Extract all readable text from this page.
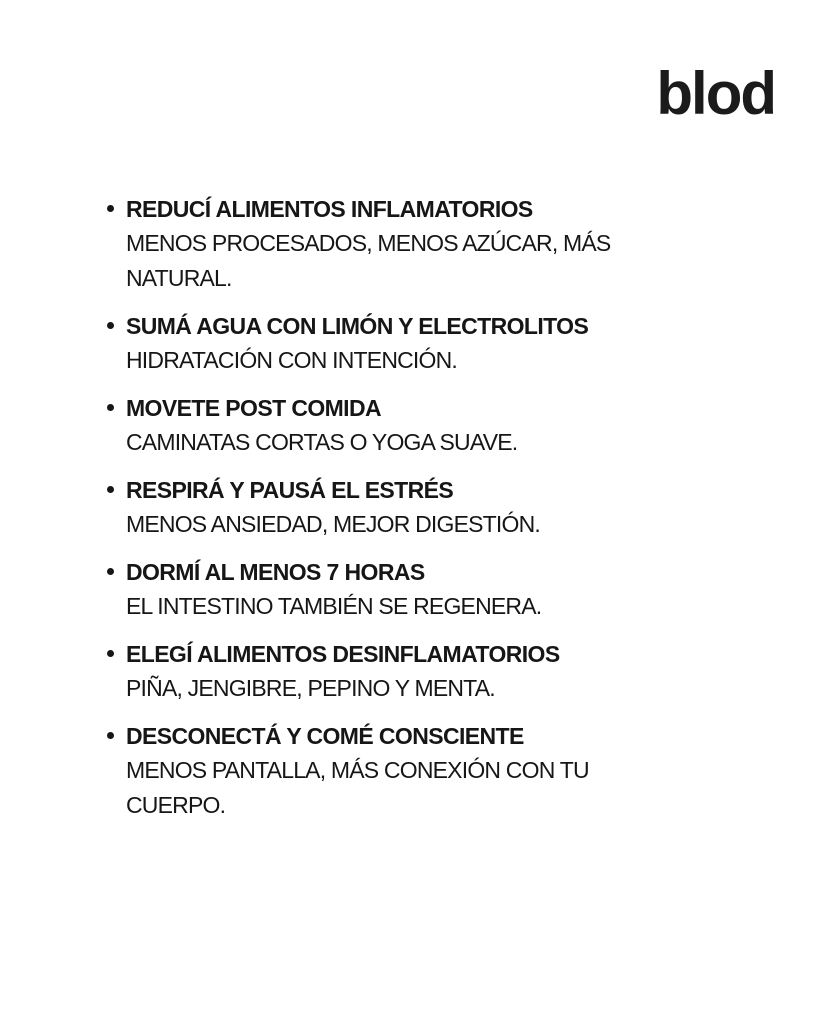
blod
REDUCÍ ALIMENTOS INFLAMATORIOS
MENOS PROCESADOS, MENOS AZÚCAR, MÁS NATURAL.
SUMÁ AGUA CON LIMÓN Y ELECTROLITOS
HIDRATACIÓN CON INTENCIÓN.
MOVETE POST COMIDA
CAMINATAS CORTAS O YOGA SUAVE.
RESPIRÁ Y PAUSÁ EL ESTRÉS
MENOS ANSIEDAD, MEJOR DIGESTIÓN.
DORMÍ AL MENOS 7 HORAS
EL INTESTINO TAMBIÉN SE REGENERA.
ELEGÍ ALIMENTOS DESINFLAMATORIOS
PIÑA, JENGIBRE, PEPINO Y MENTA.
DESCONECTÁ Y COMÉ CONSCIENTE
MENOS PANTALLA, MÁS CONEXIÓN CON TU CUERPO.
